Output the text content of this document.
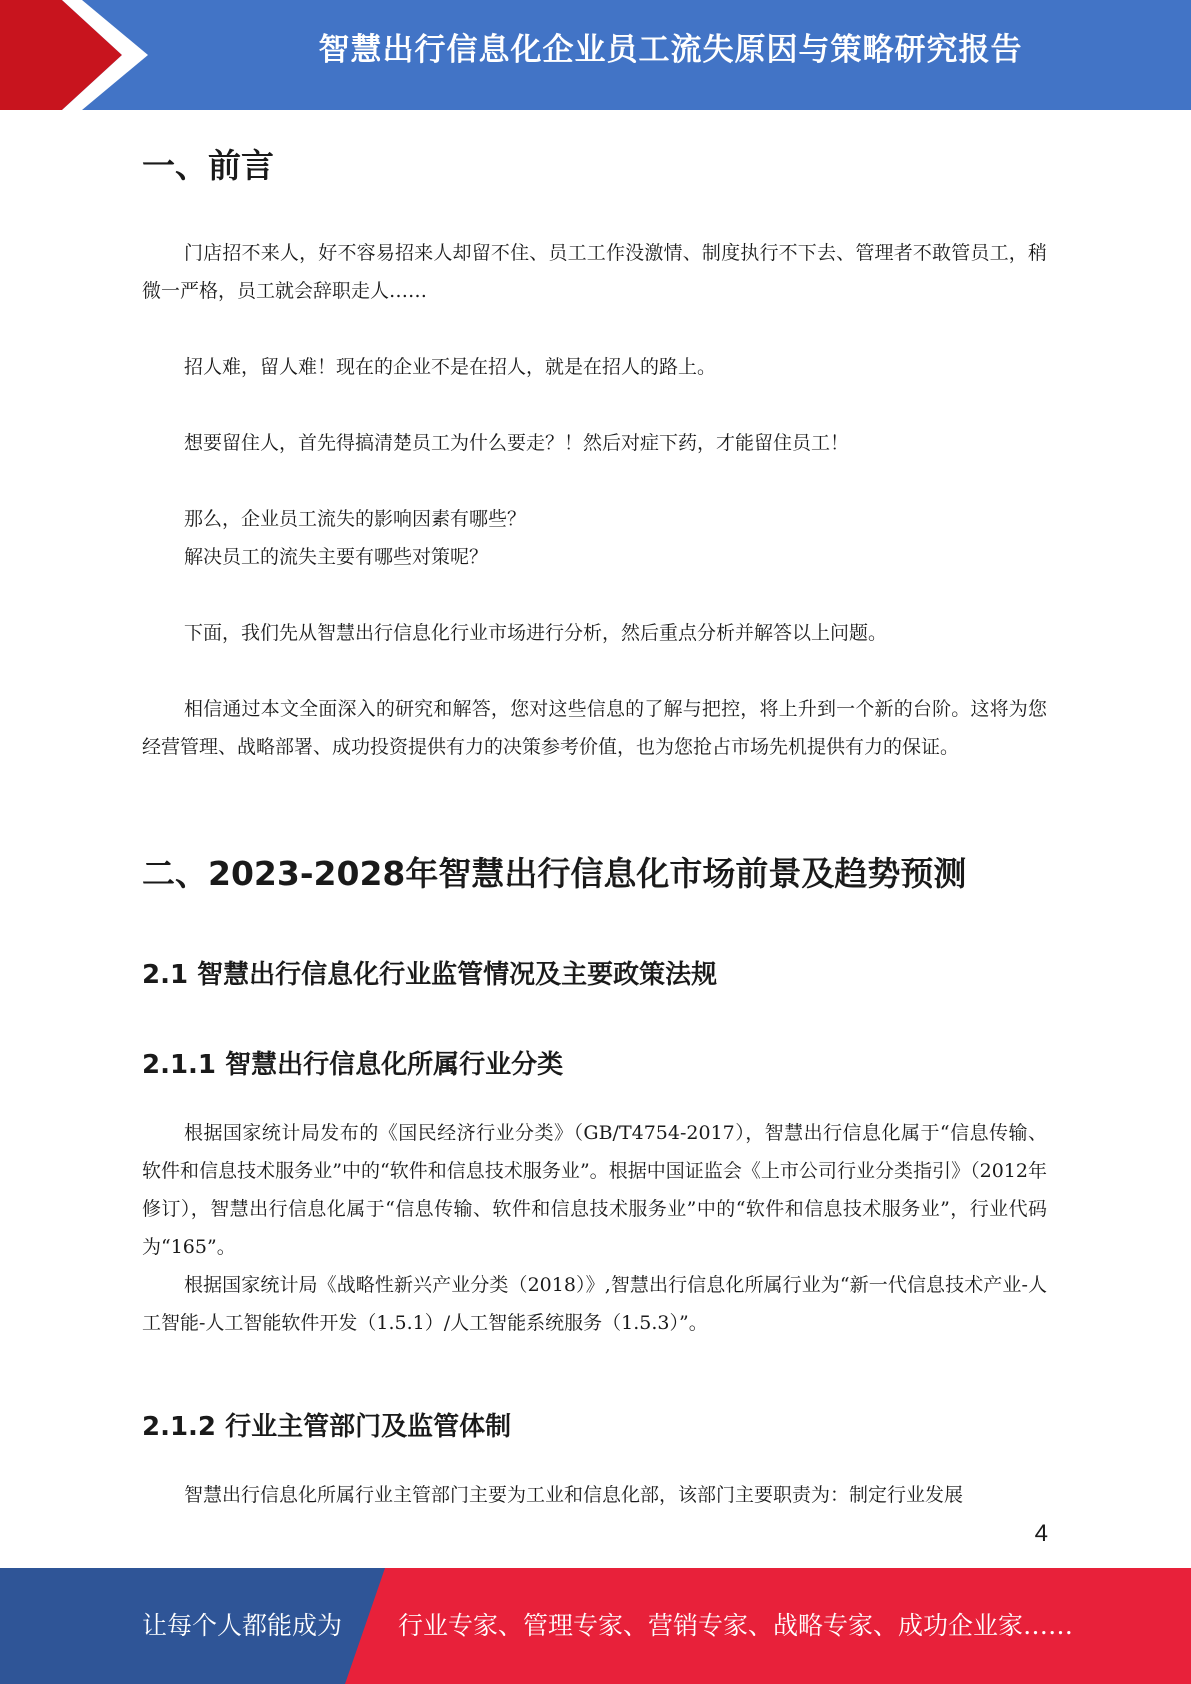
智慧出行信息化企业员工流失原因与策略研究报告
一、前言

门店招不来人，好不容易招来人却留不住、员工工作没激情、制度执行不下去、管理者不敢管员工，稍微一严格，员工就会辞职走人……

招人难，留人难！现在的企业不是在招人，就是在招人的路上。

想要留住人，首先得搞清楚员工为什么要走？！然后对症下药，才能留住员工！

那么，企业员工流失的影响因素有哪些？

解决员工的流失主要有哪些对策呢？

下面，我们先从智慧出行信息化行业市场进行分析，然后重点分析并解答以上问题。

相信通过本文全面深入的研究和解答，您对这些信息的了解与把控，将上升到一个新的台阶。这将为您经营管理、战略部署、成功投资提供有力的决策参考价值，也为您抢占市场先机提供有力的保证。

二、2023-2028年智慧出行信息化市场前景及趋势预测
2.1 智慧出行信息化行业监管情况及主要政策法规
2.1.1 智慧出行信息化所属行业分类

根据国家统计局发布的《国民经济行业分类》（GB/T4754-2017），智慧出行信息化属于“信息传输、软件和信息技术服务业”中的“软件和信息技术服务业”。根据中国证监会《上市公司行业分类指引》（2012年修订），智慧出行信息化属于“信息传输、软件和信息技术服务业”中的“软件和信息技术服务业”，行业代码为“165”。

根据国家统计局《战略性新兴产业分类（2018）》,智慧出行信息化所属行业为“新一代信息技术产业-人工智能-人工智能软件开发（1.5.1）/人工智能系统服务（1.5.3）”。

2.1.2 行业主管部门及监管体制

智慧出行信息化所属行业主管部门主要为工业和信息化部，该部门主要职责为：制定行业发展

4
让每个人都能成为 行业专家、管理专家、营销专家、战略专家、成功企业家……
